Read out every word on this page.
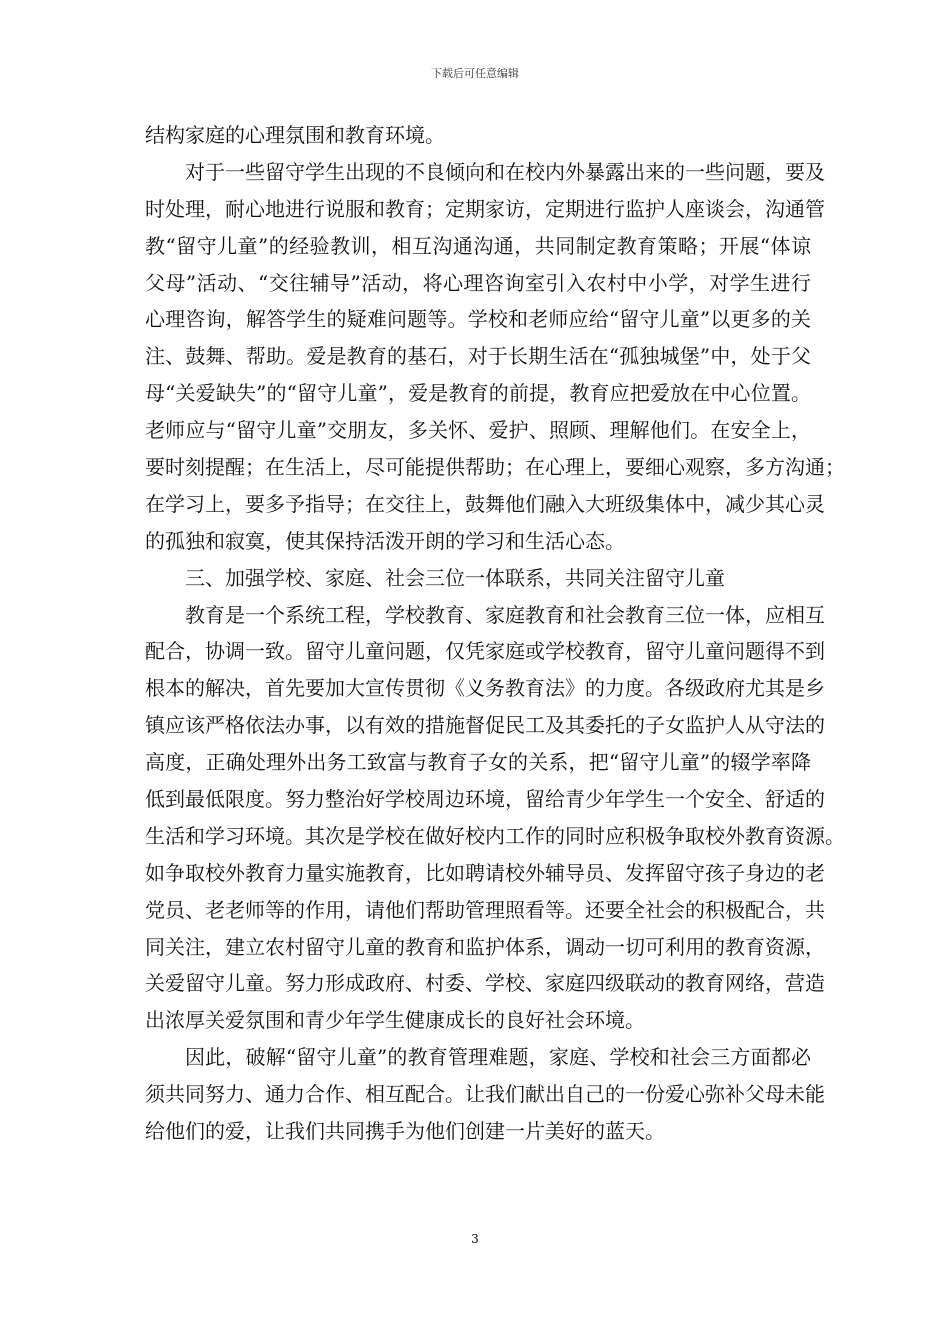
下载后可任意编辑
结构家庭的心理氛围和教育环境。
对于一些留守学生出现的不良倾向和在校内外暴露出来的一些问题，要及
时处理，耐心地进行说服和教育；定期家访，定期进行监护人座谈会，沟通管
教“留守儿童”的经验教训，相互沟通沟通，共同制定教育策略；开展“体谅
父母”活动、“交往辅导”活动，将心理咨询室引入农村中小学，对学生进行
心理咨询，解答学生的疑难问题等。学校和老师应给“留守儿童”以更多的关
注、鼓舞、帮助。爱是教育的基石，对于长期生活在“孤独城堡”中，处于父
母“关爱缺失”的“留守儿童”，爱是教育的前提，教育应把爱放在中心位置。
老师应与“留守儿童”交朋友，多关怀、爱护、照顾、理解他们。在安全上，
要时刻提醒；在生活上，尽可能提供帮助；在心理上，要细心观察，多方沟通；
在学习上，要多予指导；在交往上，鼓舞他们融入大班级集体中，减少其心灵
的孤独和寂寞，使其保持活泼开朗的学习和生活心态。
三、加强学校、家庭、社会三位一体联系，共同关注留守儿童
教育是一个系统工程，学校教育、家庭教育和社会教育三位一体，应相互
配合，协调一致。留守儿童问题，仅凭家庭或学校教育，留守儿童问题得不到
根本的解决，首先要加大宣传贯彻《义务教育法》的力度。各级政府尤其是乡
镇应该严格依法办事，以有效的措施督促民工及其委托的子女监护人从守法的
高度，正确处理外出务工致富与教育子女的关系，把“留守儿童”的辍学率降
低到最低限度。努力整治好学校周边环境，留给青少年学生一个安全、舒适的
生活和学习环境。其次是学校在做好校内工作的同时应积极争取校外教育资源。
如争取校外教育力量实施教育，比如聘请校外辅导员、发挥留守孩子身边的老
党员、老老师等的作用，请他们帮助管理照看等。还要全社会的积极配合，共
同关注，建立农村留守儿童的教育和监护体系，调动一切可利用的教育资源，
关爱留守儿童。努力形成政府、村委、学校、家庭四级联动的教育网络，营造
出浓厚关爱氛围和青少年学生健康成长的良好社会环境。
因此，破解“留守儿童”的教育管理难题，家庭、学校和社会三方面都必
须共同努力、通力合作、相互配合。让我们献出自己的一份爱心弥补父母未能
给他们的爱，让我们共同携手为他们创建一片美好的蓝天。
3
